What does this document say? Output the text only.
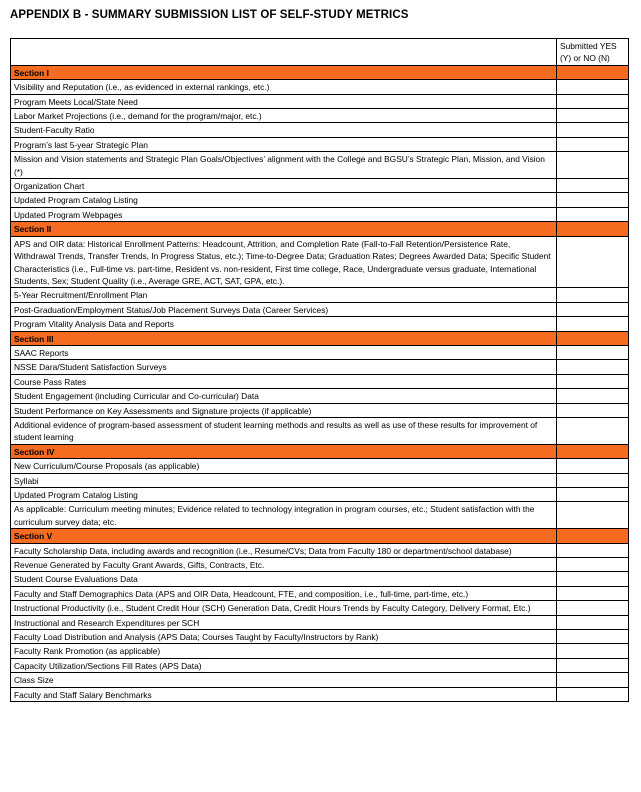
APPENDIX B - SUMMARY SUBMISSION LIST OF SELF-STUDY METRICS
	Submitted YES (Y) or NO (N)
Section I	
Visibility and Reputation (i.e., as evidenced in external rankings, etc.)	
Program Meets Local/State Need	
Labor Market Projections (i.e., demand for the program/major, etc.)	
Student-Faculty Ratio	
Program’s last 5-year Strategic Plan	
Mission and Vision statements and Strategic Plan Goals/Objectives’ alignment with the College and BGSU’s Strategic Plan, Mission, and Vision (*)	
Organization Chart	
Updated Program Catalog Listing	
Updated Program Webpages	
Section II	
APS and OIR data: Historical Enrollment Patterns: Headcount, Attrition, and Completion Rate (Fall-to-Fall Retention/Persistence Rate, Withdrawal Trends, Transfer Trends, In Progress Status, etc.); Time-to-Degree Data; Graduation Rates; Degrees Awarded Data; Specific Student Characteristics (i.e., Full-time vs. part-time, Resident vs. non-resident, First time college, Race, Undergraduate versus graduate, International Students, Sex; Student Quality (i.e., Average GRE, ACT, SAT, GPA, etc.).	
5-Year Recruitment/Enrollment Plan	
Post-Graduation/Employment Status/Job Placement Surveys Data (Career Services)	
Program Vitality Analysis Data and Reports	
Section III	
SAAC Reports	
NSSE Dara/Student Satisfaction Surveys	
Course Pass Rates	
Student Engagement (including Curricular and Co-curricular) Data	
Student Performance on Key Assessments and Signature projects (if applicable)	
Additional evidence of program-based assessment of student learning methods and results as well as use of these results for improvement of student learning	
Section IV	
New Curriculum/Course Proposals (as applicable)	
Syllabi	
Updated Program Catalog Listing	
As applicable: Curriculum meeting minutes; Evidence related to technology integration in program courses, etc.; Student satisfaction with the curriculum survey data; etc.	
Section V	
Faculty Scholarship Data, including awards and recognition (i.e., Resume/CVs; Data from Faculty 180 or department/school database)	
Revenue Generated by Faculty Grant Awards, Gifts, Contracts, Etc.	
Student Course Evaluations Data	
Faculty and Staff Demographics Data (APS and OIR Data, Headcount, FTE, and composition, i.e., full-time, part-time, etc.)	
Instructional Productivity (i.e., Student Credit Hour (SCH) Generation Data, Credit Hours Trends by Faculty Category, Delivery Format, Etc.)	
Instructional and Research Expenditures per SCH	
Faculty Load Distribution and Analysis (APS Data; Courses Taught by Faculty/Instructors by Rank)	
Faculty Rank Promotion (as applicable)	
Capacity Utilization/Sections Fill Rates (APS Data)	
Class Size	
Faculty and Staff Salary Benchmarks	
